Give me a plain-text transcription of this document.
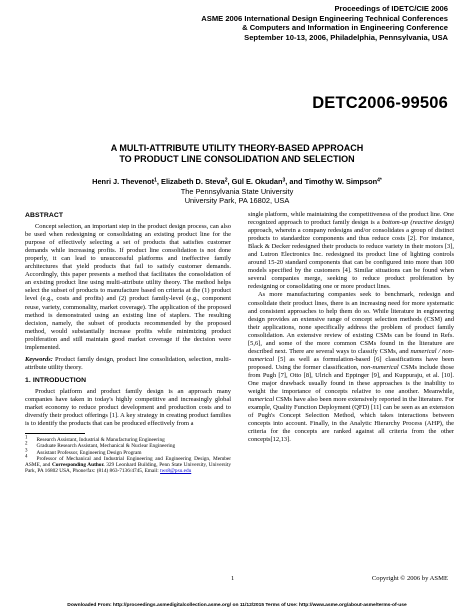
Proceedings of IDETC/CIE 2006
ASME 2006 International Design Engineering Technical Conferences
& Computers and Information in Engineering Conference
September 10-13, 2006, Philadelphia, Pennsylvania, USA
DETC2006-99506
A MULTI-ATTRIBUTE UTILITY THEORY-BASED APPROACH
TO PRODUCT LINE CONSOLIDATION AND SELECTION
Henri J. Thevenot$^1$, Elizabeth D. Steva$^2$, Gül E. Okudan$^3$, and Timothy W. Simpson$^{4*}$
The Pennsylvania State University
University Park, PA 16802, USA
ABSTRACT

Concept selection, an important step in the product design process, can also be used when redesigning or consolidating an existing product line for the purpose of effectively selecting a set of products that satisfies customer demands while increasing profits. If product line consolidation is not done properly, it can lead to unsuccessful platforms and ineffective family architectures that yield products that fail to satisfy customer demands. Accordingly, this paper presents a method that facilitates the consolidation of an existing product line using multi-attribute utility theory. The method helps select the subset of products to manufacture based on criteria at the (1) product level (e.g., costs and profits) and (2) product family-level (e.g., component reuse, variety, commonality, market coverage). The application of the proposed method is demonstrated using an existing line of staplers. The resulting decision, namely, the subset of products recommended by the proposed method, would substantially increase profits while minimizing product proliferation and still maintain good market coverage if the decision were implemented.

Keywords: Product family design, product line consolidation, selection, multi-attribute utility theory.

1. INTRODUCTION

Product platform and product family design is an approach many companies have taken in today's highly competitive and increasingly global market economy to reduce product development and production costs and to diversify their product offerings [1]. A key strategy in creating product families is to identify the products that can be produced effectively from a

$^1$ Research Assistant, Industrial & Manufacturing Engineering

$^2$ Graduate Research Assistant, Mechanical & Nuclear Engineering

$^3$ Assistant Professor, Engineering Design Program

$^4$ Professor of Mechanical and Industrial Engineering and Engineering Design, Member ASME, and Corresponding Author. 329 Leonhard Building, Penn State University, University Park, PA 16802 USA, Phone/fax: (814) 863-7136/4745, Email: tws8@psu.edu

single platform, while maintaining the competitiveness of the product line. One recognized approach to product family design is a bottom-up (reactive design) approach, wherein a company redesigns and/or consolidates a group of distinct products to standardize components and thus reduce costs [2]. For instance, Black & Decker redesigned their products to reduce variety in their motors [3], and Lutron Electronics Inc. redesigned its product line of lighting controls around 15-20 standard components that can be configured into more than 100 models specified by the customers [4]. Similar situations can be found when several companies merge, seeking to reduce product proliferation by redesigning or consolidating one or more product lines.

As more manufacturing companies seek to benchmark, redesign and consolidate their product lines, there is an increasing need for more systematic and consistent approaches to help them do so. While literature in engineering design provides an extensive range of concept selection methods (CSM) and their applications, none specifically address the problem of product family consolidation. An extensive review of existing CSMs can be found in Refs. [5,6], and some of the more common CSMs found in the literature are described next. There are several ways to classify CSMs, and numerical / non-numerical [5] as well as formulation-based [6] classifications have been proposed. Using the former classification, non-numerical CSMs include those from Pugh [7], Otto [8], Ulrich and Eppinger [9], and Kuppuraju, et al. [10]. One major drawback usually found in these approaches is the inability to weight the importance of concepts relative to one another. Meanwhile, numerical CSMs have also been more extensively reported in the literature. For example, Quality Function Deployment (QFD) [11] can be seen as an extension of Pugh's Concept Selection Method, which takes interactions between concepts into account. Finally, in the Analytic Hierarchy Process (AHP), the criteria for the concepts are ranked against all criteria from the other concepts[12,13].

1	Copyright © 2006 by ASME
Downloaded From: http://proceedings.asmedigitalcollection.asme.org/ on 11/12/2015 Terms of Use: http://www.asme.org/about-asme/terms-of-use
